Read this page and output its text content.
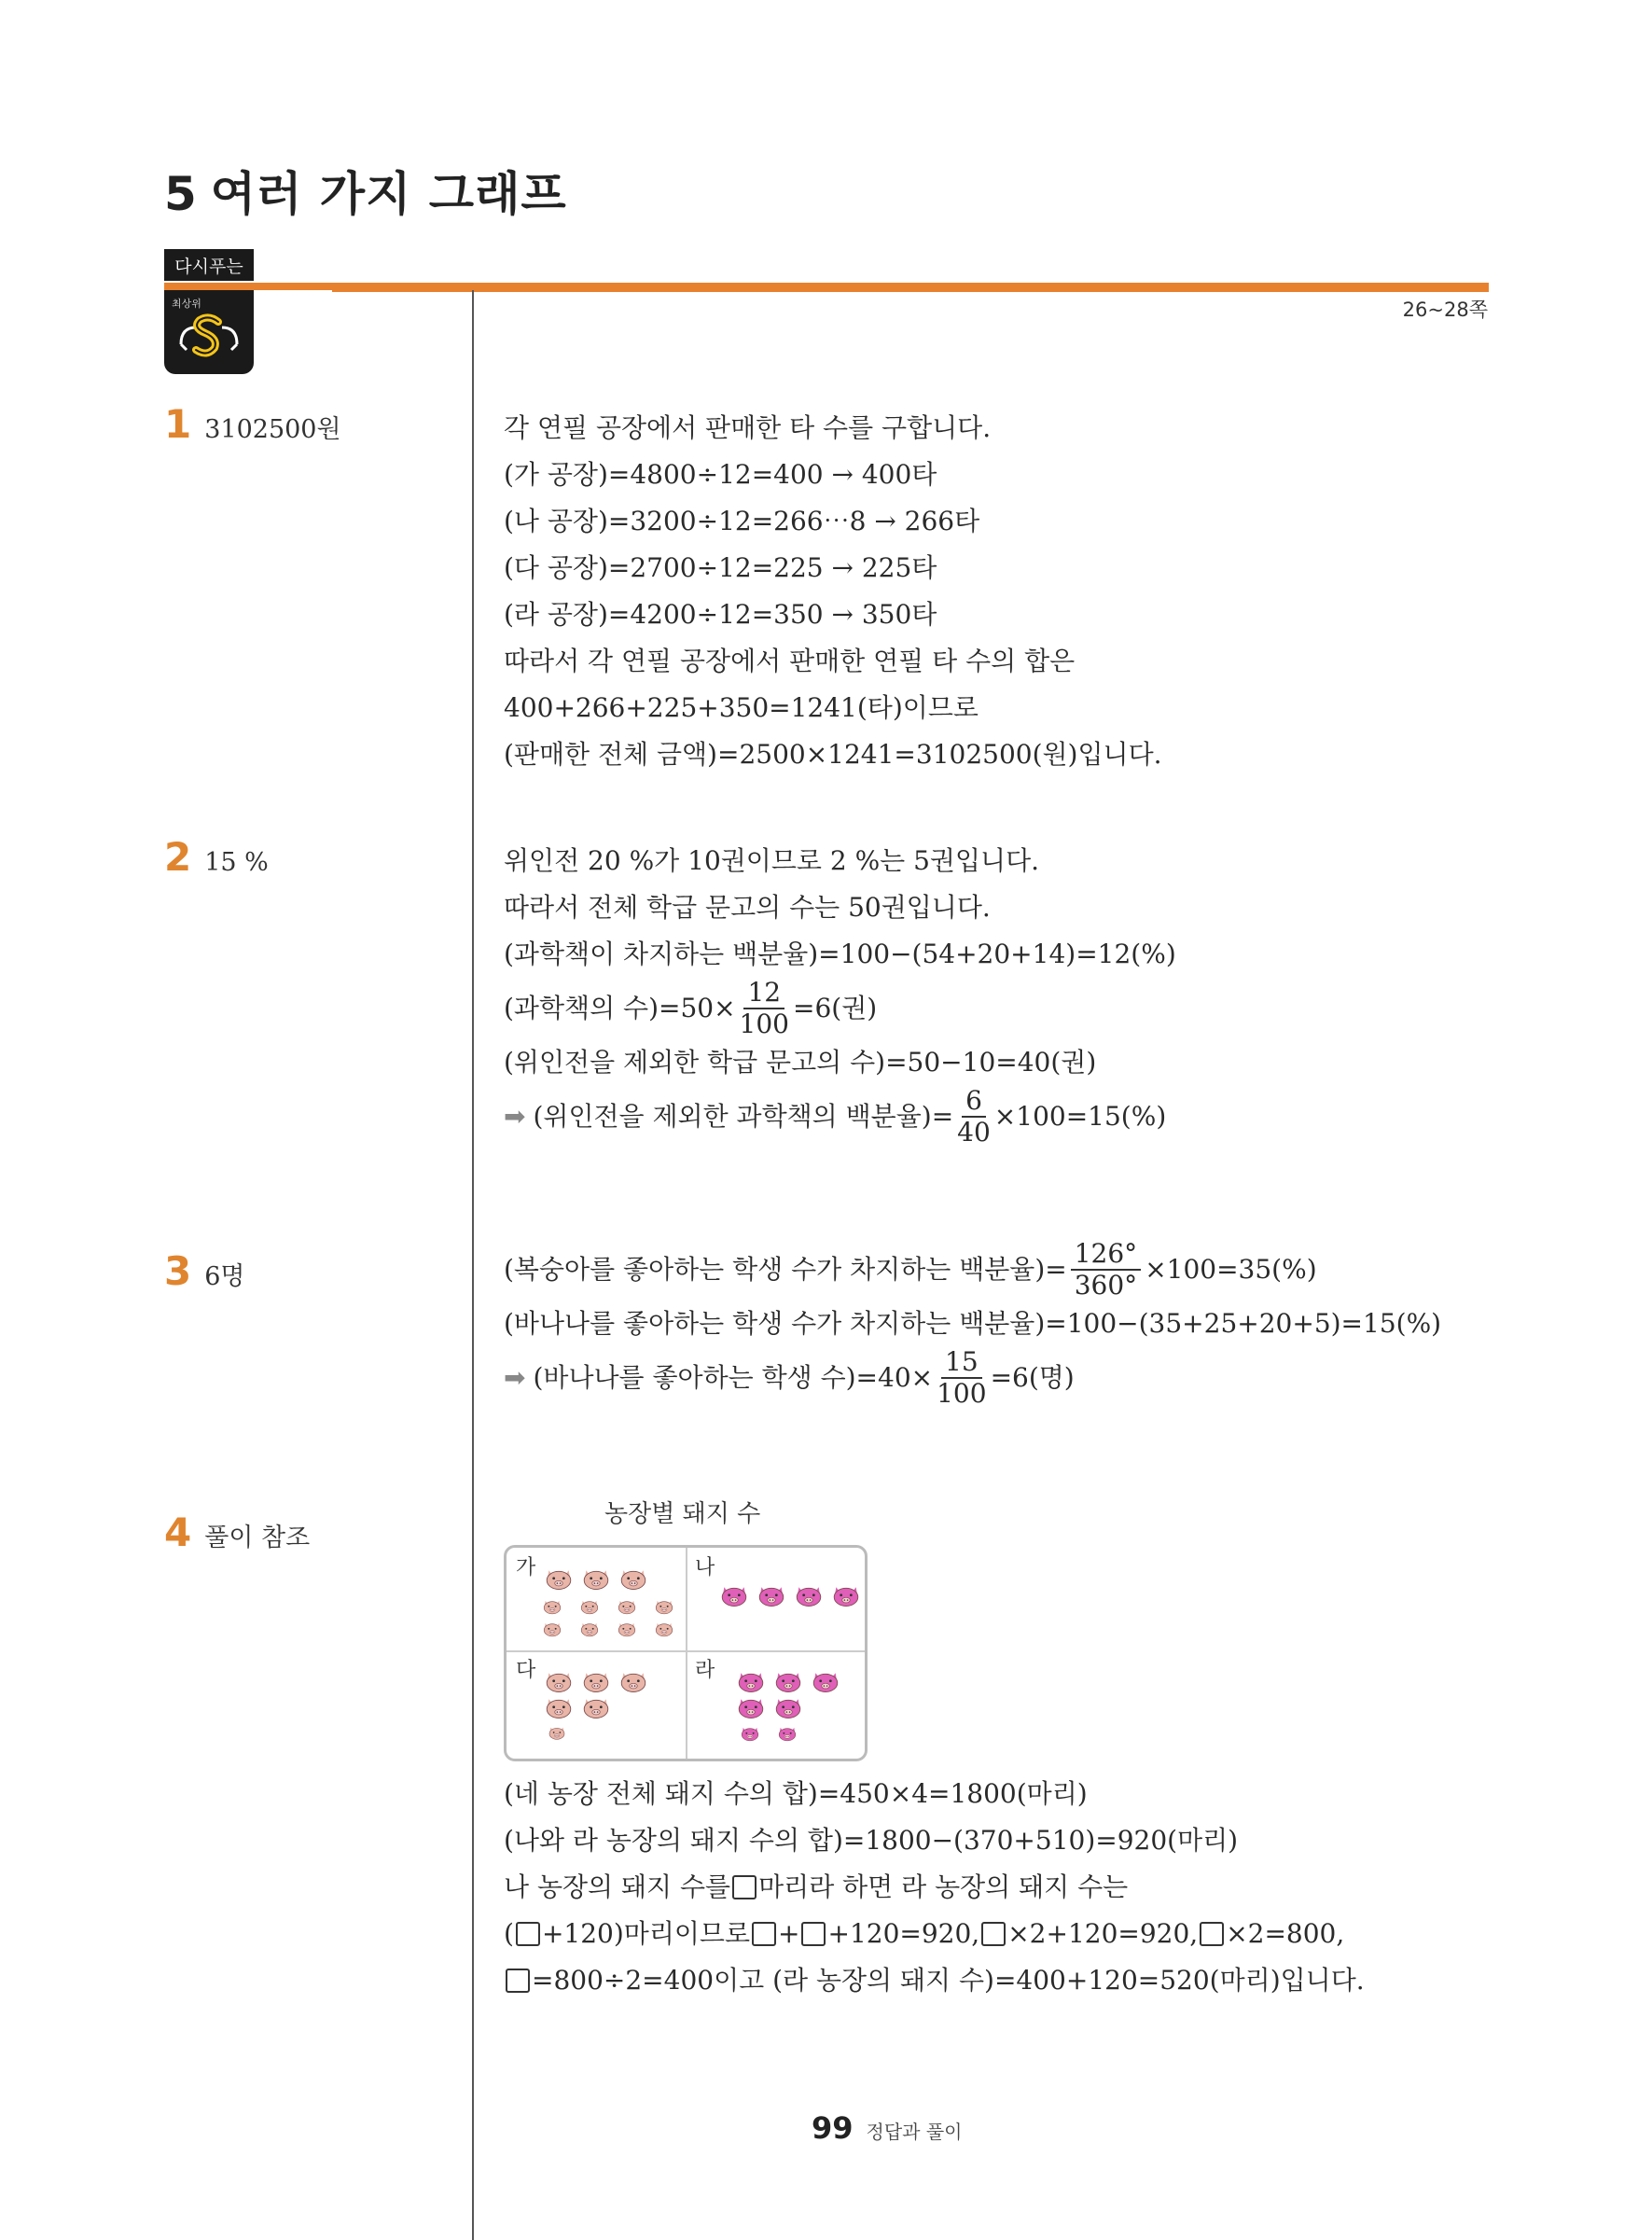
5 여러 가지 그래프
다시푸는
최상위	26~28쪽
1 3102500원
2 15 %
3 6명
4 풀이 참조
각 연필 공장에서 판매한 타 수를 구합니다.
(가 공장)=4800÷12=400 → 400타
(나 공장)=3200÷12=266⋯8 → 266타
(다 공장)=2700÷12=225 → 225타
(라 공장)=4200÷12=350 → 350타
따라서 각 연필 공장에서 판매한 연필 타 수의 합은
400+266+225+350=1241(타)이므로
(판매한 전체 금액)=2500×1241=3102500(원)입니다.
위인전 20 %가 10권이므로 2 %는 5권입니다.
따라서 전체 학급 문고의 수는 50권입니다.
(과학책이 차지하는 백분율)=100−(54+20+14)=12(%)
(과학책의 수)$=50\times \frac{12}{100} =6$(권)
(위인전을 제외한 학급 문고의 수)=50−10=40(권)
➡ (위인전을 제외한 과학책의 백분율)= $\frac{6}{40} \times 100=15(\%)$
(복숭아를 좋아하는 학생 수가 차지하는 백분율)= $\frac{126^\circ}{360^\circ} \times 100=35(\%)$
(바나나를 좋아하는 학생 수가 차지하는 백분율)=100−(35+25+20+5)=15(%)
➡ (바나나를 좋아하는 학생 수)$=40\times \frac{15}{100} =6$(명)
농장별 돼지 수
가	나
다	라
(네 농장 전체 돼지 수의 합)=450×4=1800(마리)
(나와 라 농장의 돼지 수의 합)=1800−(370+510)=920(마리)
나 농장의 돼지 수를 마리라 하면 라 농장의 돼지 수는
( +120)마리이므로 + +120=920, ×2+120=920, ×2=800,
=800÷2=400이고 (라 농장의 돼지 수)=400+120=520(마리)입니다.
99 정답과 풀이
